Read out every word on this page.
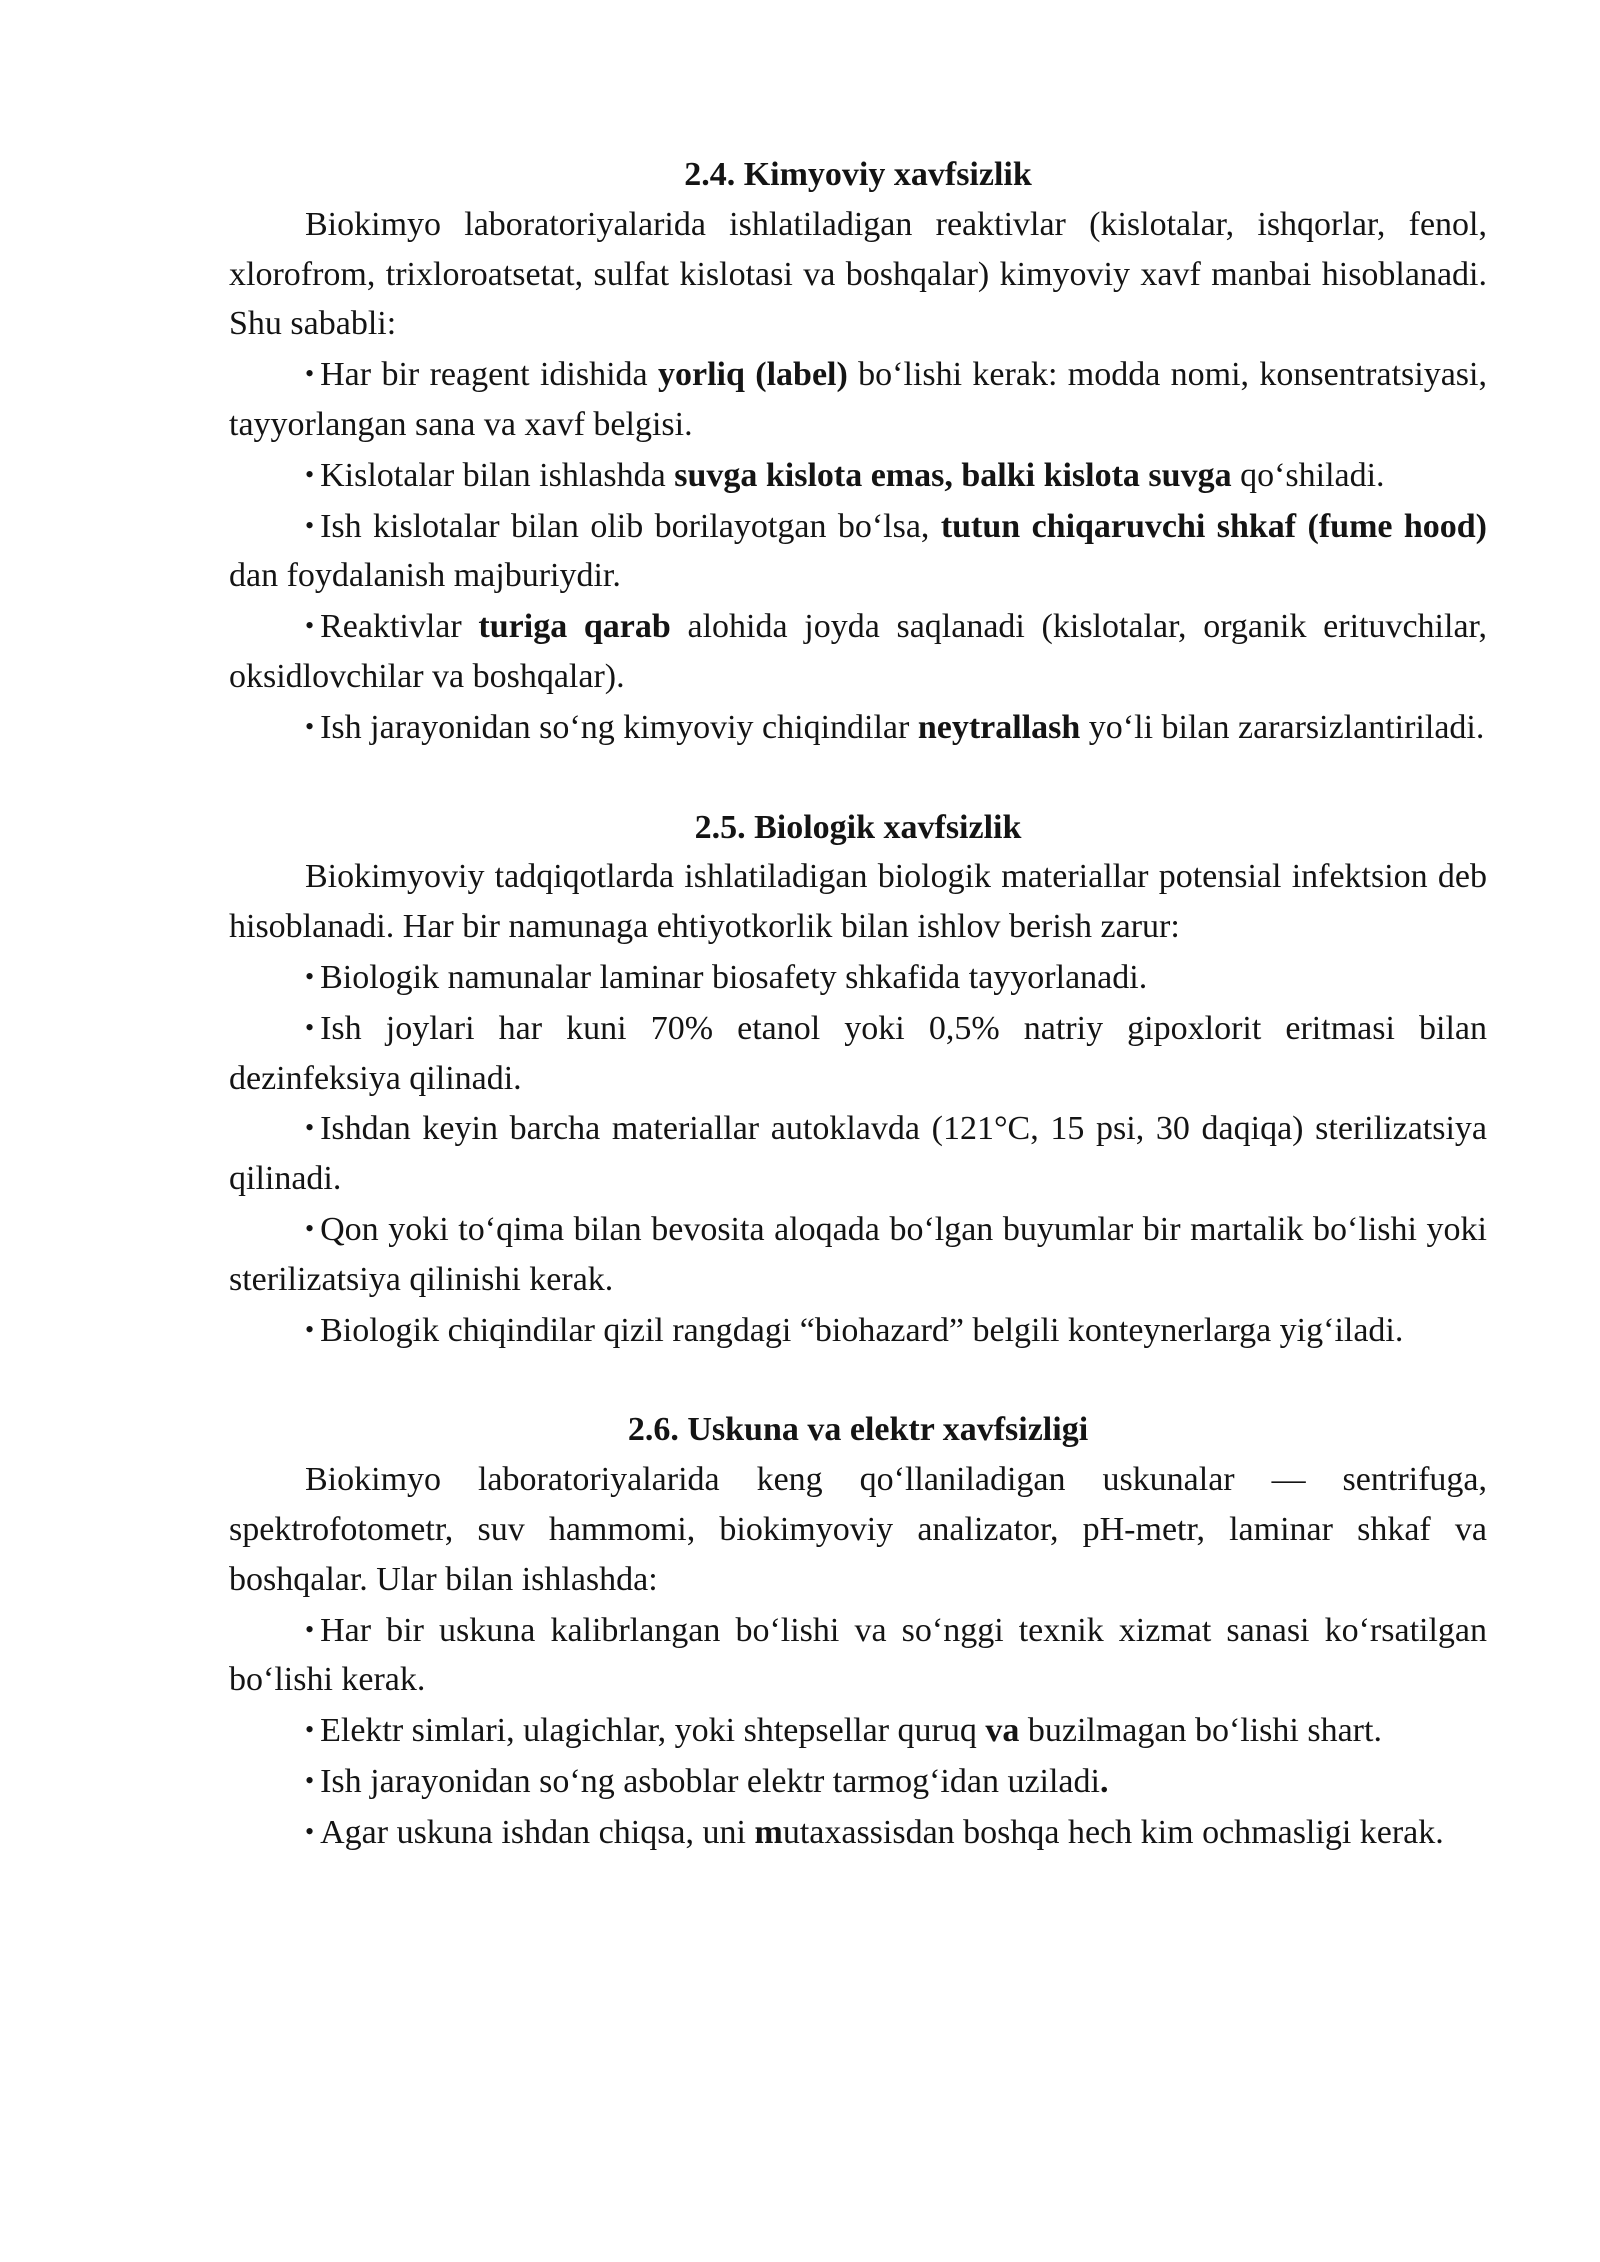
2.4. Kimyoviy xavfsizlik

Biokimyo laboratoriyalarida ishlatiladigan reaktivlar (kislotalar, ishqorlar, fenol, xlorofrom, trixloroatsetat, sulfat kislotasi va boshqalar) kimyoviy xavf manbai hisoblanadi. Shu sababli:

• Har bir reagent idishida yorliq (label) bo‘lishi kerak: modda nomi, konsentratsiyasi, tayyorlangan sana va xavf belgisi.

• Kislotalar bilan ishlashda suvga kislota emas, balki kislota suvga qo‘shiladi.

• Ish kislotalar bilan olib borilayotgan bo‘lsa, tutun chiqaruvchi shkaf (fume hood) dan foydalanish majburiydir.

• Reaktivlar turiga qarab alohida joyda saqlanadi (kislotalar, organik erituvchilar, oksidlovchilar va boshqalar).

• Ish jarayonidan so‘ng kimyoviy chiqindilar neytrallash yo‘li bilan zararsizlantiriladi.

2.5. Biologik xavfsizlik

Biokimyoviy tadqiqotlarda ishlatiladigan biologik materiallar potensial infektsion deb hisoblanadi. Har bir namunaga ehtiyotkorlik bilan ishlov berish zarur:

• Biologik namunalar laminar biosafety shkafida tayyorlanadi.

• Ish joylari har kuni 70% etanol yoki 0,5% natriy gipoxlorit eritmasi bilan dezinfeksiya qilinadi.

• Ishdan keyin barcha materiallar autoklavda (121°C, 15 psi, 30 daqiqa) sterilizatsiya qilinadi.

• Qon yoki to‘qima bilan bevosita aloqada bo‘lgan buyumlar bir martalik bo‘lishi yoki sterilizatsiya qilinishi kerak.

• Biologik chiqindilar qizil rangdagi “biohazard” belgili konteynerlarga yig‘iladi.

2.6. Uskuna va elektr xavfsizligi

Biokimyo laboratoriyalarida keng qo‘llaniladigan uskunalar — sentrifuga, spektrofotometr, suv hammomi, biokimyoviy analizator, pH-metr, laminar shkaf va boshqalar. Ular bilan ishlashda:

• Har bir uskuna kalibrlangan bo‘lishi va so‘nggi texnik xizmat sanasi ko‘rsatilgan bo‘lishi kerak.

• Elektr simlari, ulagichlar, yoki shtepsellar quruq va buzilmagan bo‘lishi shart.

• Ish jarayonidan so‘ng asboblar elektr tarmog‘idan uziladi.

• Agar uskuna ishdan chiqsa, uni mutaxassisdan boshqa hech kim ochmasligi kerak.
